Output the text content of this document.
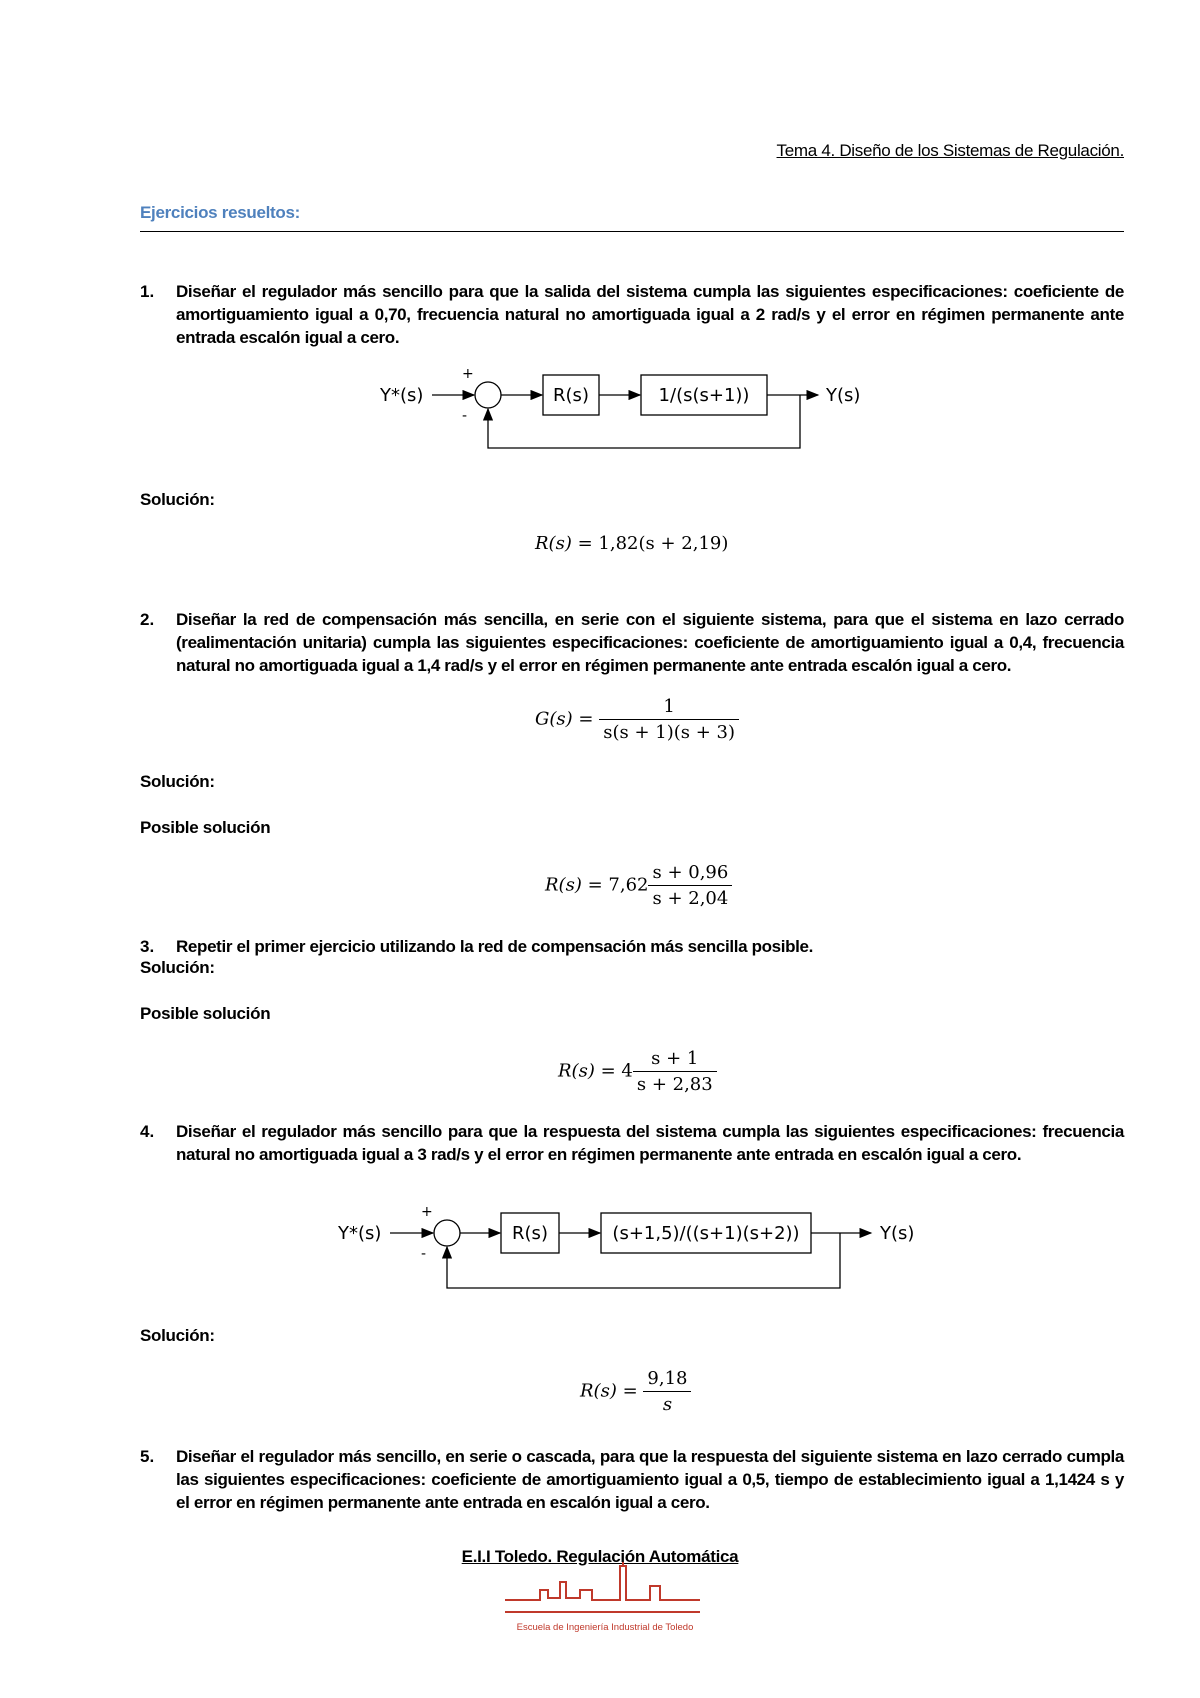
Tema 4. Diseño de los Sistemas de Regulación.
Ejercicios resueltos:
1.	Diseñar el regulador más sencillo para que la salida del sistema cumpla las siguientes especificaciones: coeficiente de amortiguamiento igual a 0,70, frecuencia natural no amortiguada igual a 2 rad/s y el error en régimen permanente ante entrada escalón igual a cero.
Y*(s)
+
-
R(s)	1/(s(s+1))	Y(s)
Solución:
R(s) = 1,82(s + 2,19)
2.	Diseñar la red de compensación más sencilla, en serie con el siguiente sistema, para que el sistema en lazo cerrado (realimentación unitaria) cumpla las siguientes especificaciones: coeficiente de amortiguamiento igual a 0,4, frecuencia natural no amortiguada igual a 1,4 rad/s y el error en régimen permanente ante entrada escalón igual a cero.
$G(s) = \frac{1}{s(s + 1)(s + 3)}$
Solución:
Posible solución
$R(s) = 7,62 \frac{s + 0,96}{s + 2,04}$
3.	Repetir el primer ejercicio utilizando la red de compensación más sencilla posible.
Solución:
Posible solución
$R(s) = 4 \frac{s + 1}{s + 2,83}$
4.	Diseñar el regulador más sencillo para que la respuesta del sistema cumpla las siguientes especificaciones: frecuencia natural no amortiguada igual a 3 rad/s y el error en régimen permanente ante entrada en escalón igual a cero.
Y*(s)
+
-
R(s)	(s+1,5)/((s+1)(s+2))	Y(s)
Solución:
$R(s) = \frac{9,18}{s}$
5.	Diseñar el regulador más sencillo, en serie o cascada, para que la respuesta del siguiente sistema en lazo cerrado cumpla las siguientes especificaciones: coeficiente de amortiguamiento igual a 0,5, tiempo de establecimiento igual a 1,1424 s y el error en régimen permanente ante entrada en escalón igual a cero.
E.I.I Toledo. Regulación Automática
Escuela de Ingeniería Industrial de Toledo
